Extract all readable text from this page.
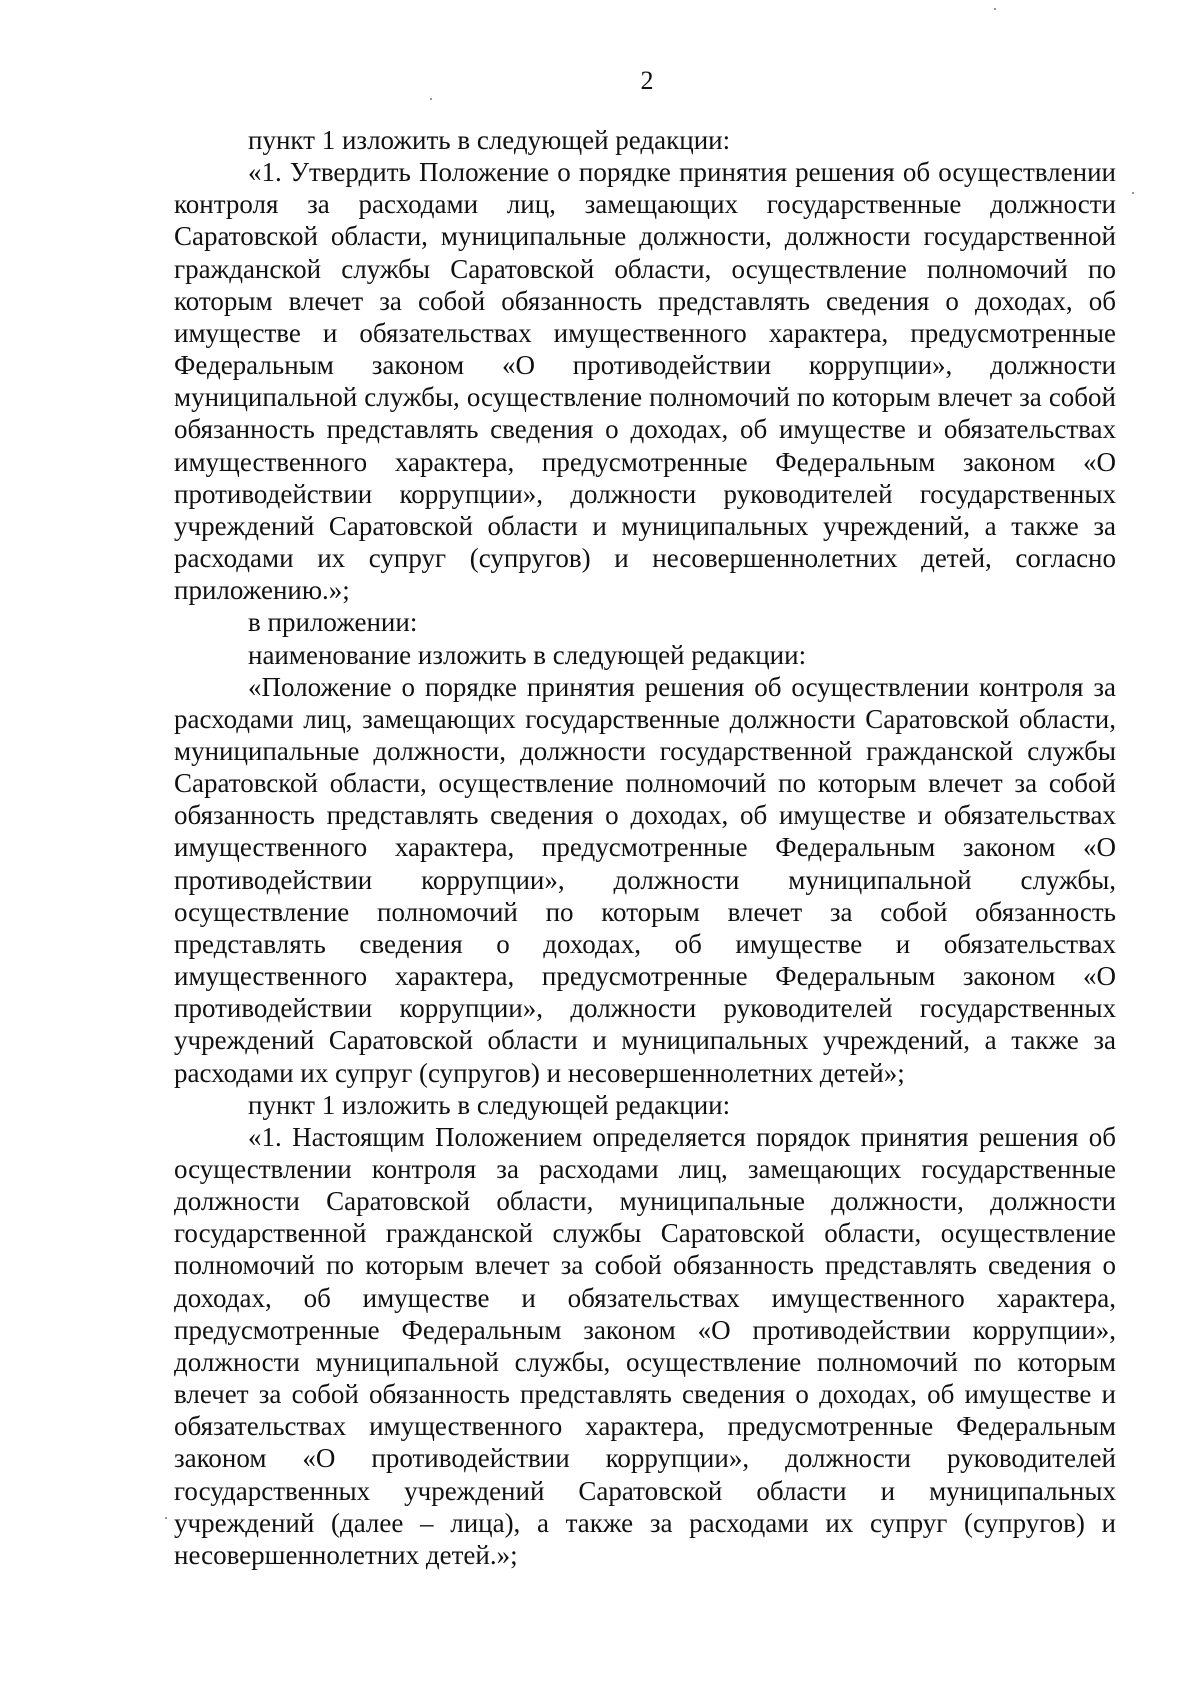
2

пункт 1 изложить в следующей редакции:

«1. Утвердить Положение о порядке принятия решения об осуществлении контроля за расходами лиц, замещающих государственные должности Саратовской области, муниципальные должности, должности государственной гражданской службы Саратовской области, осуществление полномочий по которым влечет за собой обязанность представлять сведения о доходах, об имуществе и обязательствах имущественного характера, предусмотренные Федеральным законом «О противодействии коррупции», должности муниципальной службы, осуществление полномочий по которым влечет за собой обязанность представлять сведения о доходах, об имуществе и обязательствах имущественного характера, предусмотренные Федеральным законом «О противодействии коррупции», должности руководителей государственных учреждений Саратовской области и муниципальных учреждений, а также за расходами их супруг (супругов) и несовершеннолетних детей, согласно приложению.»;

в приложении:

наименование изложить в следующей редакции:

«Положение о порядке принятия решения об осуществлении контроля за расходами лиц, замещающих государственные должности Саратовской области, муниципальные должности, должности государственной гражданской службы Саратовской области, осуществление полномочий по которым влечет за собой обязанность представлять сведения о доходах, об имуществе и обязательствах имущественного характера, предусмотренные Федеральным законом «О противодействии коррупции», должности муниципальной службы, осуществление полномочий по которым влечет за собой обязанность представлять сведения о доходах, об имуществе и обязательствах имущественного характера, предусмотренные Федеральным законом «О противодействии коррупции», должности руководителей государственных учреждений Саратовской области и муниципальных учреждений, а также за расходами их супруг (супругов) и несовершеннолетних детей»;

пункт 1 изложить в следующей редакции:

«1. Настоящим Положением определяется порядок принятия решения об осуществлении контроля за расходами лиц, замещающих государственные должности Саратовской области, муниципальные должности, должности государственной гражданской службы Саратовской области, осуществление полномочий по которым влечет за собой обязанность представлять сведения о доходах, об имуществе и обязательствах имущественного характера, предусмотренные Федеральным законом «О противодействии коррупции», должности муниципальной службы, осуществление полномочий по которым влечет за собой обязанность представлять сведения о доходах, об имуществе и обязательствах имущественного характера, предусмотренные Федеральным законом «О противодействии коррупции», должности руководителей государственных учреждений Саратовской области и муниципальных учреждений (далее – лица), а также за расходами их супруг (супругов) и несовершеннолетних детей.»;
